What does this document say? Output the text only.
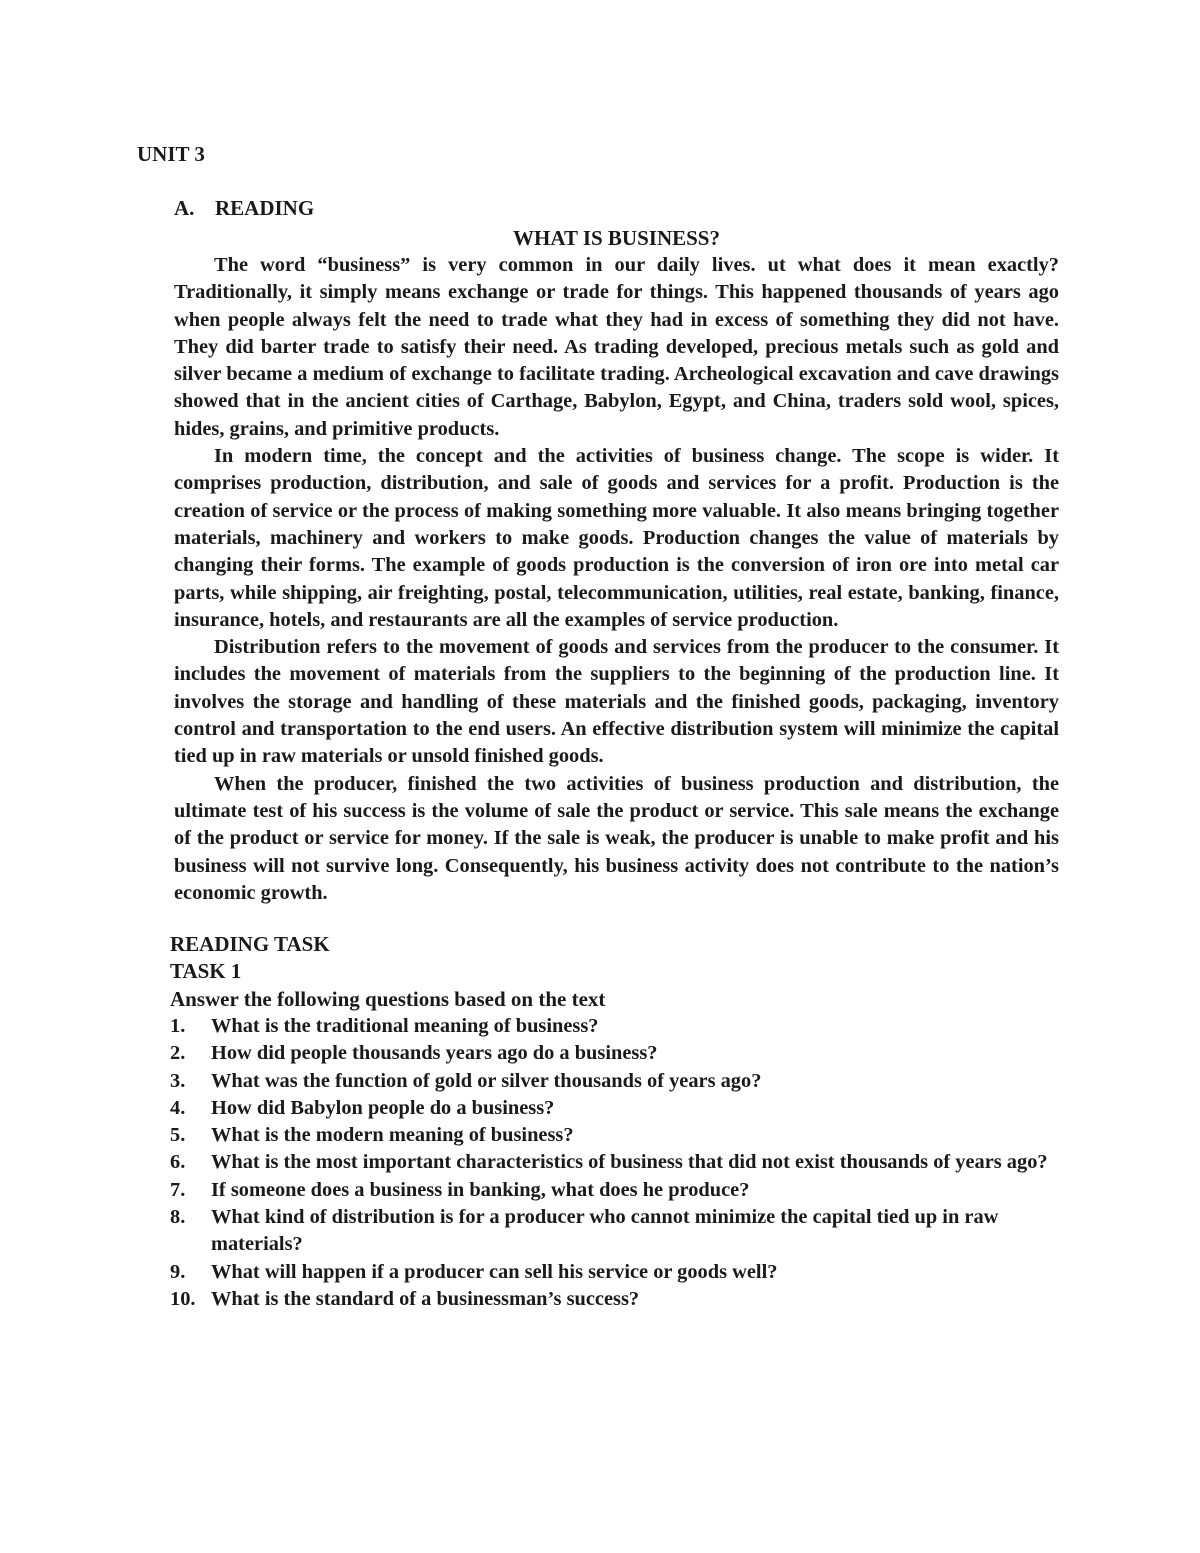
UNIT 3
A. READING
WHAT IS BUSINESS?

The word “business” is very common in our daily lives. ut what does it mean exactly? Traditionally, it simply means exchange or trade for things. This happened thousands of years ago when people always felt the need to trade what they had in excess of something they did not have. They did barter trade to satisfy their need. As trading developed, precious metals such as gold and silver became a medium of exchange to facilitate trading. Archeological excavation and cave drawings showed that in the ancient cities of Carthage, Babylon, Egypt, and China, traders sold wool, spices, hides, grains, and primitive products.

In modern time, the concept and the activities of business change. The scope is wider. It comprises production, distribution, and sale of goods and services for a profit. Production is the creation of service or the process of making something more valuable. It also means bringing together materials, machinery and workers to make goods. Production changes the value of materials by changing their forms. The example of goods production is the conversion of iron ore into metal car parts, while shipping, air freighting, postal, telecommunication, utilities, real estate, banking, finance, insurance, hotels, and restaurants are all the examples of service production.

Distribution refers to the movement of goods and services from the producer to the consumer. It includes the movement of materials from the suppliers to the beginning of the production line. It involves the storage and handling of these materials and the finished goods, packaging, inventory control and transportation to the end users. An effective distribution system will minimize the capital tied up in raw materials or unsold finished goods.

When the producer, finished the two activities of business production and distribution, the ultimate test of his success is the volume of sale the product or service. This sale means the exchange of the product or service for money. If the sale is weak, the producer is unable to make profit and his business will not survive long. Consequently, his business activity does not contribute to the nation’s economic growth.

READING TASK
TASK 1
Answer the following questions based on the text
1. What is the traditional meaning of business?
2. How did people thousands years ago do a business?
3. What was the function of gold or silver thousands of years ago?
4. How did Babylon people do a business?
5. What is the modern meaning of business?
6. What is the most important characteristics of business that did not exist thousands of years ago?
7. If someone does a business in banking, what does he produce?
8. What kind of distribution is for a producer who cannot minimize the capital tied up in raw materials?
9. What will happen if a producer can sell his service or goods well?
10. What is the standard of a businessman’s success?
